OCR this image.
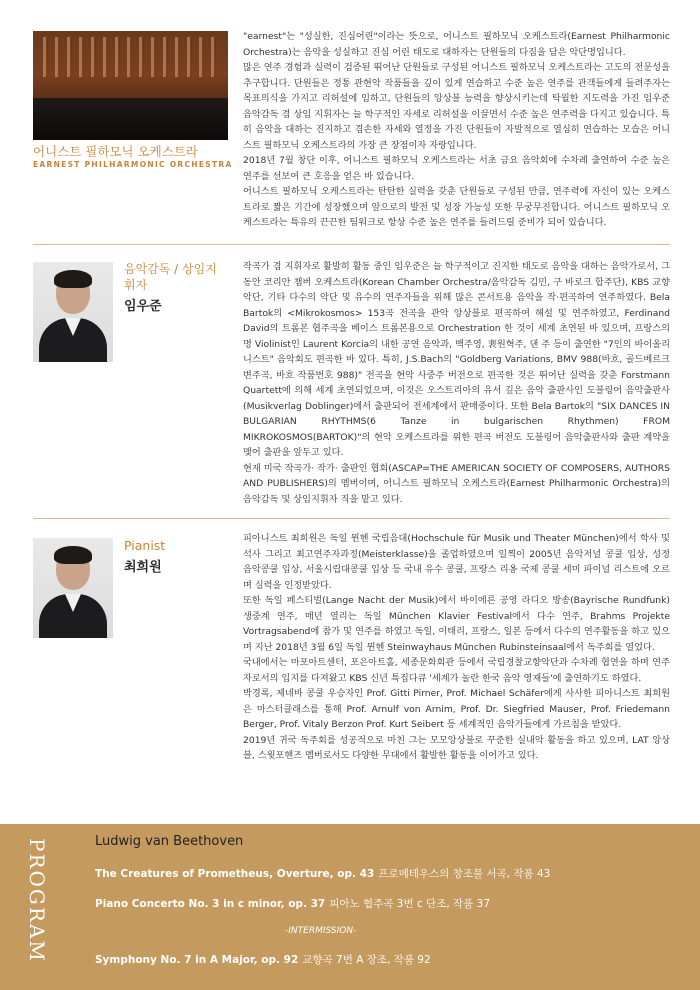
어니스트 필하모닉 오케스트라
EARNEST PHILHARMONIC ORCHESTRA

"earnest"는 "성실한, 진심어린"이라는 뜻으로, 어니스트 필하모닉 오케스트라(Earnest Philharmonic Orchestra)는 음악을 성실하고 진심 어린 태도로 대하자는 단원들의 다짐을 담은 악단명입니다.

많은 연주 경험과 실력이 검증된 뛰어난 단원들로 구성된 어니스트 필하모닉 오케스트라는 고도의 전문성을 추구합니다. 단원들은 정통 관현악 작품들을 깊이 있게 연습하고 수준 높은 연주를 관객들에게 들려주자는 목표의식을 가지고 리허설에 임하고, 단원들의 앙상블 능력을 향상시키는데 탁월한 지도력을 가진 임우준 음악감독 겸 상임 지휘자는 늘 학구적인 자세로 리허설을 이끌면서 수준 높은 연주력을 다지고 있습니다. 특히 음악을 대하는 진지하고 겸손한 자세와 열정을 가진 단원들이 자발적으로 열심히 연습하는 모습은 어니스트 필하모닉 오케스트라의 가장 큰 장점이자 자랑입니다.

2018년 7월 창단 이후, 어니스트 필하모닉 오케스트라는 서초 금요 음악회에 수차례 출연하여 수준 높은 연주를 선보여 큰 호응을 얻은 바 있습니다.

어니스트 필하모닉 오케스트라는 탄탄한 실력을 갖춘 단원들로 구성된 만큼, 연주력에 자신이 있는 오케스트라로 짧은 기간에 성장했으며 앞으로의 발전 및 성장 가능성 또한 무궁무진합니다. 어니스트 필하모닉 오케스트라는 특유의 끈끈한 팀워크로 항상 수준 높은 연주를 들려드릴 준비가 되어 있습니다.

음악감독 / 상임지휘자
임우준

작곡가 겸 지휘자로 활발히 활동 중인 임우준은 늘 학구적이고 진지한 태도로 음악을 대하는 음악가로서, 그동안 코리안 챔버 오케스트라(Korean Chamber Orchestra/음악감독 김민, 구 바로크 합주단), KBS 교향악단, 기타 다수의 악단 및 유수의 연주자들을 위해 많은 콘서트용 음악을 작·편곡하여 연주하였다. Bela Bartok의 <Mikrokosmos> 153곡 전곡을 관악 앙상블로 편곡하여 해설 및 연주하였고, Ferdinand David의 트롬본 협주곡을 베이스 트롬본용으로 Orchestration 한 것이 세계 초연된 바 있으며, 프랑스의 명 Violinist인 Laurent Korcia의 내한 공연 음악과, 백주영, 裵원혁주, 댄 주 등이 출연한 "7인의 바이올리니스트" 음악회도 편곡한 바 있다. 특히, J.S.Bach의 "Goldberg Variations, BMV 988(바흐, 골드베르크 변주곡, 바흐 작품번호 988)" 전곡을 현악 사중주 버전으로 편곡한 것은 뛰어난 실력을 갖춘 Forstmann Quartett에 의해 세계 초연되었으며, 이것은 오스트리아의 유서 깊은 음악 출판사인 도블링어 음악출판사(Musikverlag Doblinger)에서 출판되어 전세계에서 판매중이다. 또한 Bela Bartok의 "SIX DANCES IN BULGARIAN RHYTHMS(6 Tanze in bulgarischen Rhythmen) FROM MIKROKOSMOS(BARTOK)"의 현악 오케스트라를 위한 편곡 버전도 도블링어 음악출판사와 출판 계약을 맺어 출판을 앞두고 있다.

현재 미국 작곡가· 작가· 출판인 협회(ASCAP=THE AMERICAN SOCIETY OF COMPOSERS, AUTHORS AND PUBLISHERS)의 멤버이며, 어니스트 필하모닉 오케스트라(Earnest Philharmonic Orchestra)의 음악감독 및 상임지휘자 직을 맡고 있다.

Pianist
최희원

피아니스트 최희원은 독일 뮌헨 국립음대(Hochschule für Musik und Theater München)에서 학사 및 석사 그리고 최고연주자과정(Meisterklasse)을 졸업하였으며 일찍이 2005년 음악저널 콩쿨 입상, 성정 음악콩쿨 입상, 서울시립대콩쿨 입상 등 국내 유수 콩쿨, 프랑스 리옹 국제 콩쿨 세미 파이널 리스트에 오르며 실력을 인정받았다.

또한 독일 페스티벌(Lange Nacht der Musik)에서 바이에른 공영 라디오 방송(Bayrische Rundfunk) 생중계 연주, 매년 열리는 독일 München Klavier Festival에서 다수 연주, Brahms Projekte Vortragsabend에 참가 및 연주를 하였고 독일, 이태리, 프랑스, 일본 등에서 다수의 연주활동을 하고 있으며 지난 2018년 3월 6일 독일 뮌헨 Steinwayhaus München Rubinsteinsaal에서 독주회를 열었다.

국내에서는 마포아트센터, 포은아트홀, 세종문화회관 등에서 국립경찰교향악단과 수차례 협연을 하며 연주자로서의 입지를 다져왔고 KBS 신년 특집다큐 '세계가 놀란 한국 음악 영재들'에 출연하기도 하였다.

박경록, 제네바 콩쿨 우승자인 Prof. Gitti Pirner, Prof. Michael Schäfer에게 사사한 피아니스트 최희원은 마스터클래스를 통해 Prof. Arnulf von Arnim, Prof. Dr. Siegfried Mauser, Prof. Friedemann Berger, Prof. Vitaly Berzon Prof. Kurt Seibert 등 세계적인 음악가들에게 가르침을 받았다.

2019년 귀국 독주회를 성공적으로 마친 그는 모모앙상블로 꾸준한 실내악 활동을 하고 있으며, LAT 앙상블, 스윗포핸즈 멤버로서도 다양한 무대에서 활발한 활동을 이어가고 있다.

PROGRAM	Ludwig van Beethoven
The Creatures of Prometheus, Overture, op. 43 프로메테우스의 창조물 서곡, 작품 43
Piano Concerto No. 3 in c minor, op. 37 피아노 협주곡 3번 c 단조, 작품 37
-INTERMISSION-
Symphony No. 7 in A Major, op. 92 교향곡 7번 A 장조, 작품 92
